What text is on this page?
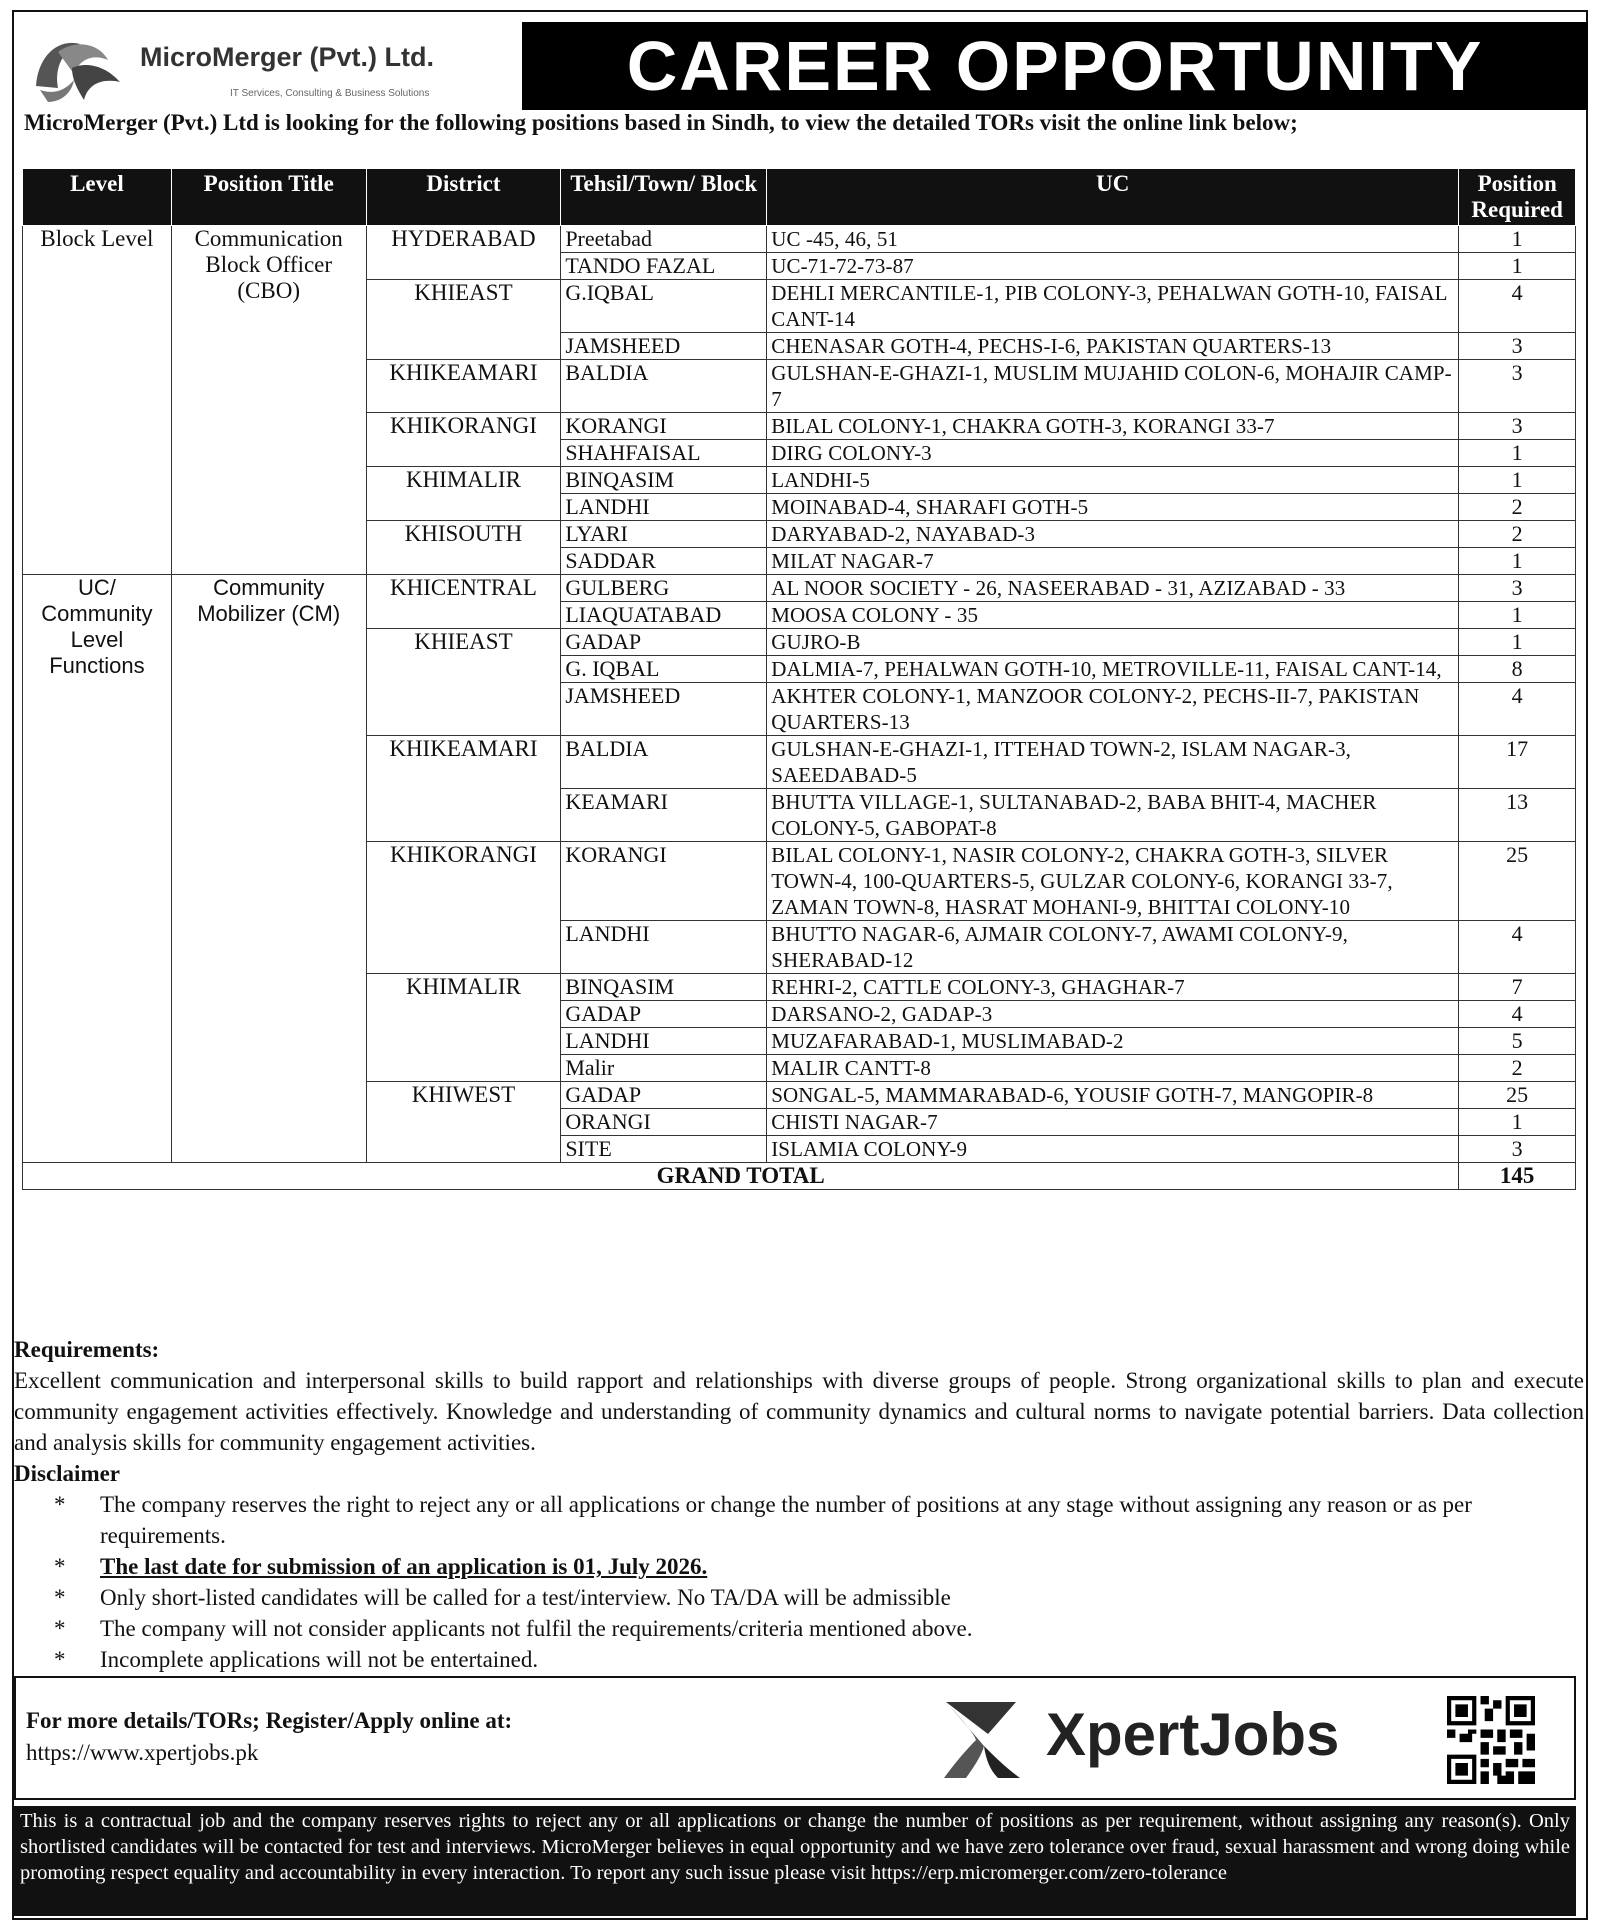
MicroMerger (Pvt.) Ltd.
IT Services, Consulting & Business Solutions	CAREER OPPORTUNITY
MicroMerger (Pvt.) Ltd is looking for the following positions based in Sindh, to view the detailed TORs visit the online link below;
Level	Position Title	District	Tehsil/Town/ Block	UC	Position Required
Block Level	Communication Block Officer (CBO)	HYDERABAD	Preetabad	UC -45, 46, 51	1
			TANDO FAZAL	UC-71-72-73-87	1
		KHIEAST	G.IQBAL	DEHLI MERCANTILE-1, PIB COLONY-3, PEHALWAN GOTH-10, FAISAL CANT-14	4
			JAMSHEED	CHENASAR GOTH-4, PECHS-I-6, PAKISTAN QUARTERS-13	3
		KHIKEAMARI	BALDIA	GULSHAN-E-GHAZI-1, MUSLIM MUJAHID COLON-6, MOHAJIR CAMP-7	3
		KHIKORANGI	KORANGI	BILAL COLONY-1, CHAKRA GOTH-3, KORANGI 33-7	3
			SHAHFAISAL	DIRG COLONY-3	1
		KHIMALIR	BINQASIM	LANDHI-5	1
			LANDHI	MOINABAD-4, SHARAFI GOTH-5	2
		KHISOUTH	LYARI	DARYABAD-2, NAYABAD-3	2
			SADDAR	MILAT NAGAR-7	1
UC/ Community Level Functions	Community Mobilizer (CM)	KHICENTRAL	GULBERG	AL NOOR SOCIETY - 26, NASEERABAD - 31, AZIZABAD - 33	3
			LIAQUATABAD	MOOSA COLONY - 35	1
		KHIEAST	GADAP	GUJRO-B	1
			G. IQBAL	DALMIA-7, PEHALWAN GOTH-10, METROVILLE-11, FAISAL CANT-14,	8
			JAMSHEED	AKHTER COLONY-1, MANZOOR COLONY-2, PECHS-II-7, PAKISTAN QUARTERS-13	4
		KHIKEAMARI	BALDIA	GULSHAN-E-GHAZI-1, ITTEHAD TOWN-2, ISLAM NAGAR-3, SAEEDABAD-5	17
			KEAMARI	BHUTTA VILLAGE-1, SULTANABAD-2, BABA BHIT-4, MACHER COLONY-5, GABOPAT-8	13
		KHIKORANGI	KORANGI	BILAL COLONY-1, NASIR COLONY-2, CHAKRA GOTH-3, SILVER TOWN-4, 100-QUARTERS-5, GULZAR COLONY-6, KORANGI 33-7, ZAMAN TOWN-8, HASRAT MOHANI-9, BHITTAI COLONY-10	25
			LANDHI	BHUTTO NAGAR-6, AJMAIR COLONY-7, AWAMI COLONY-9, SHERABAD-12	4
		KHIMALIR	BINQASIM	REHRI-2, CATTLE COLONY-3, GHAGHAR-7	7
			GADAP	DARSANO-2, GADAP-3	4
			LANDHI	MUZAFARABAD-1, MUSLIMABAD-2	5
			Malir	MALIR CANTT-8	2
		KHIWEST	GADAP	SONGAL-5, MAMMARABAD-6, YOUSIF GOTH-7, MANGOPIR-8	25
			ORANGI	CHISTI NAGAR-7	1
			SITE	ISLAMIA COLONY-9	3
GRAND TOTAL					145
Requirements:
Excellent communication and interpersonal skills to build rapport and relationships with diverse groups of people. Strong organizational skills to plan and execute community engagement activities effectively. Knowledge and understanding of community dynamics and cultural norms to navigate potential barriers. Data collection and analysis skills for community engagement activities.
Disclaimer
* The company reserves the right to reject any or all applications or change the number of positions at any stage without assigning any reason or as per requirements.
* The last date for submission of an application is 01, July 2026.
* Only short-listed candidates will be called for a test/interview. No TA/DA will be admissible
* The company will not consider applicants not fulfil the requirements/criteria mentioned above.
* Incomplete applications will not be entertained.
For more details/TORs; Register/Apply online at:
https://www.xpertjobs.pk	XpertJobs
This is a contractual job and the company reserves rights to reject any or all applications or change the number of positions as per requirement, without assigning any reason(s). Only shortlisted candidates will be contacted for test and interviews. MicroMerger believes in equal opportunity and we have zero tolerance over fraud, sexual harassment and wrong doing while promoting respect equality and accountability in every interaction. To report any such issue please visit https://erp.micromerger.com/zero-tolerance
